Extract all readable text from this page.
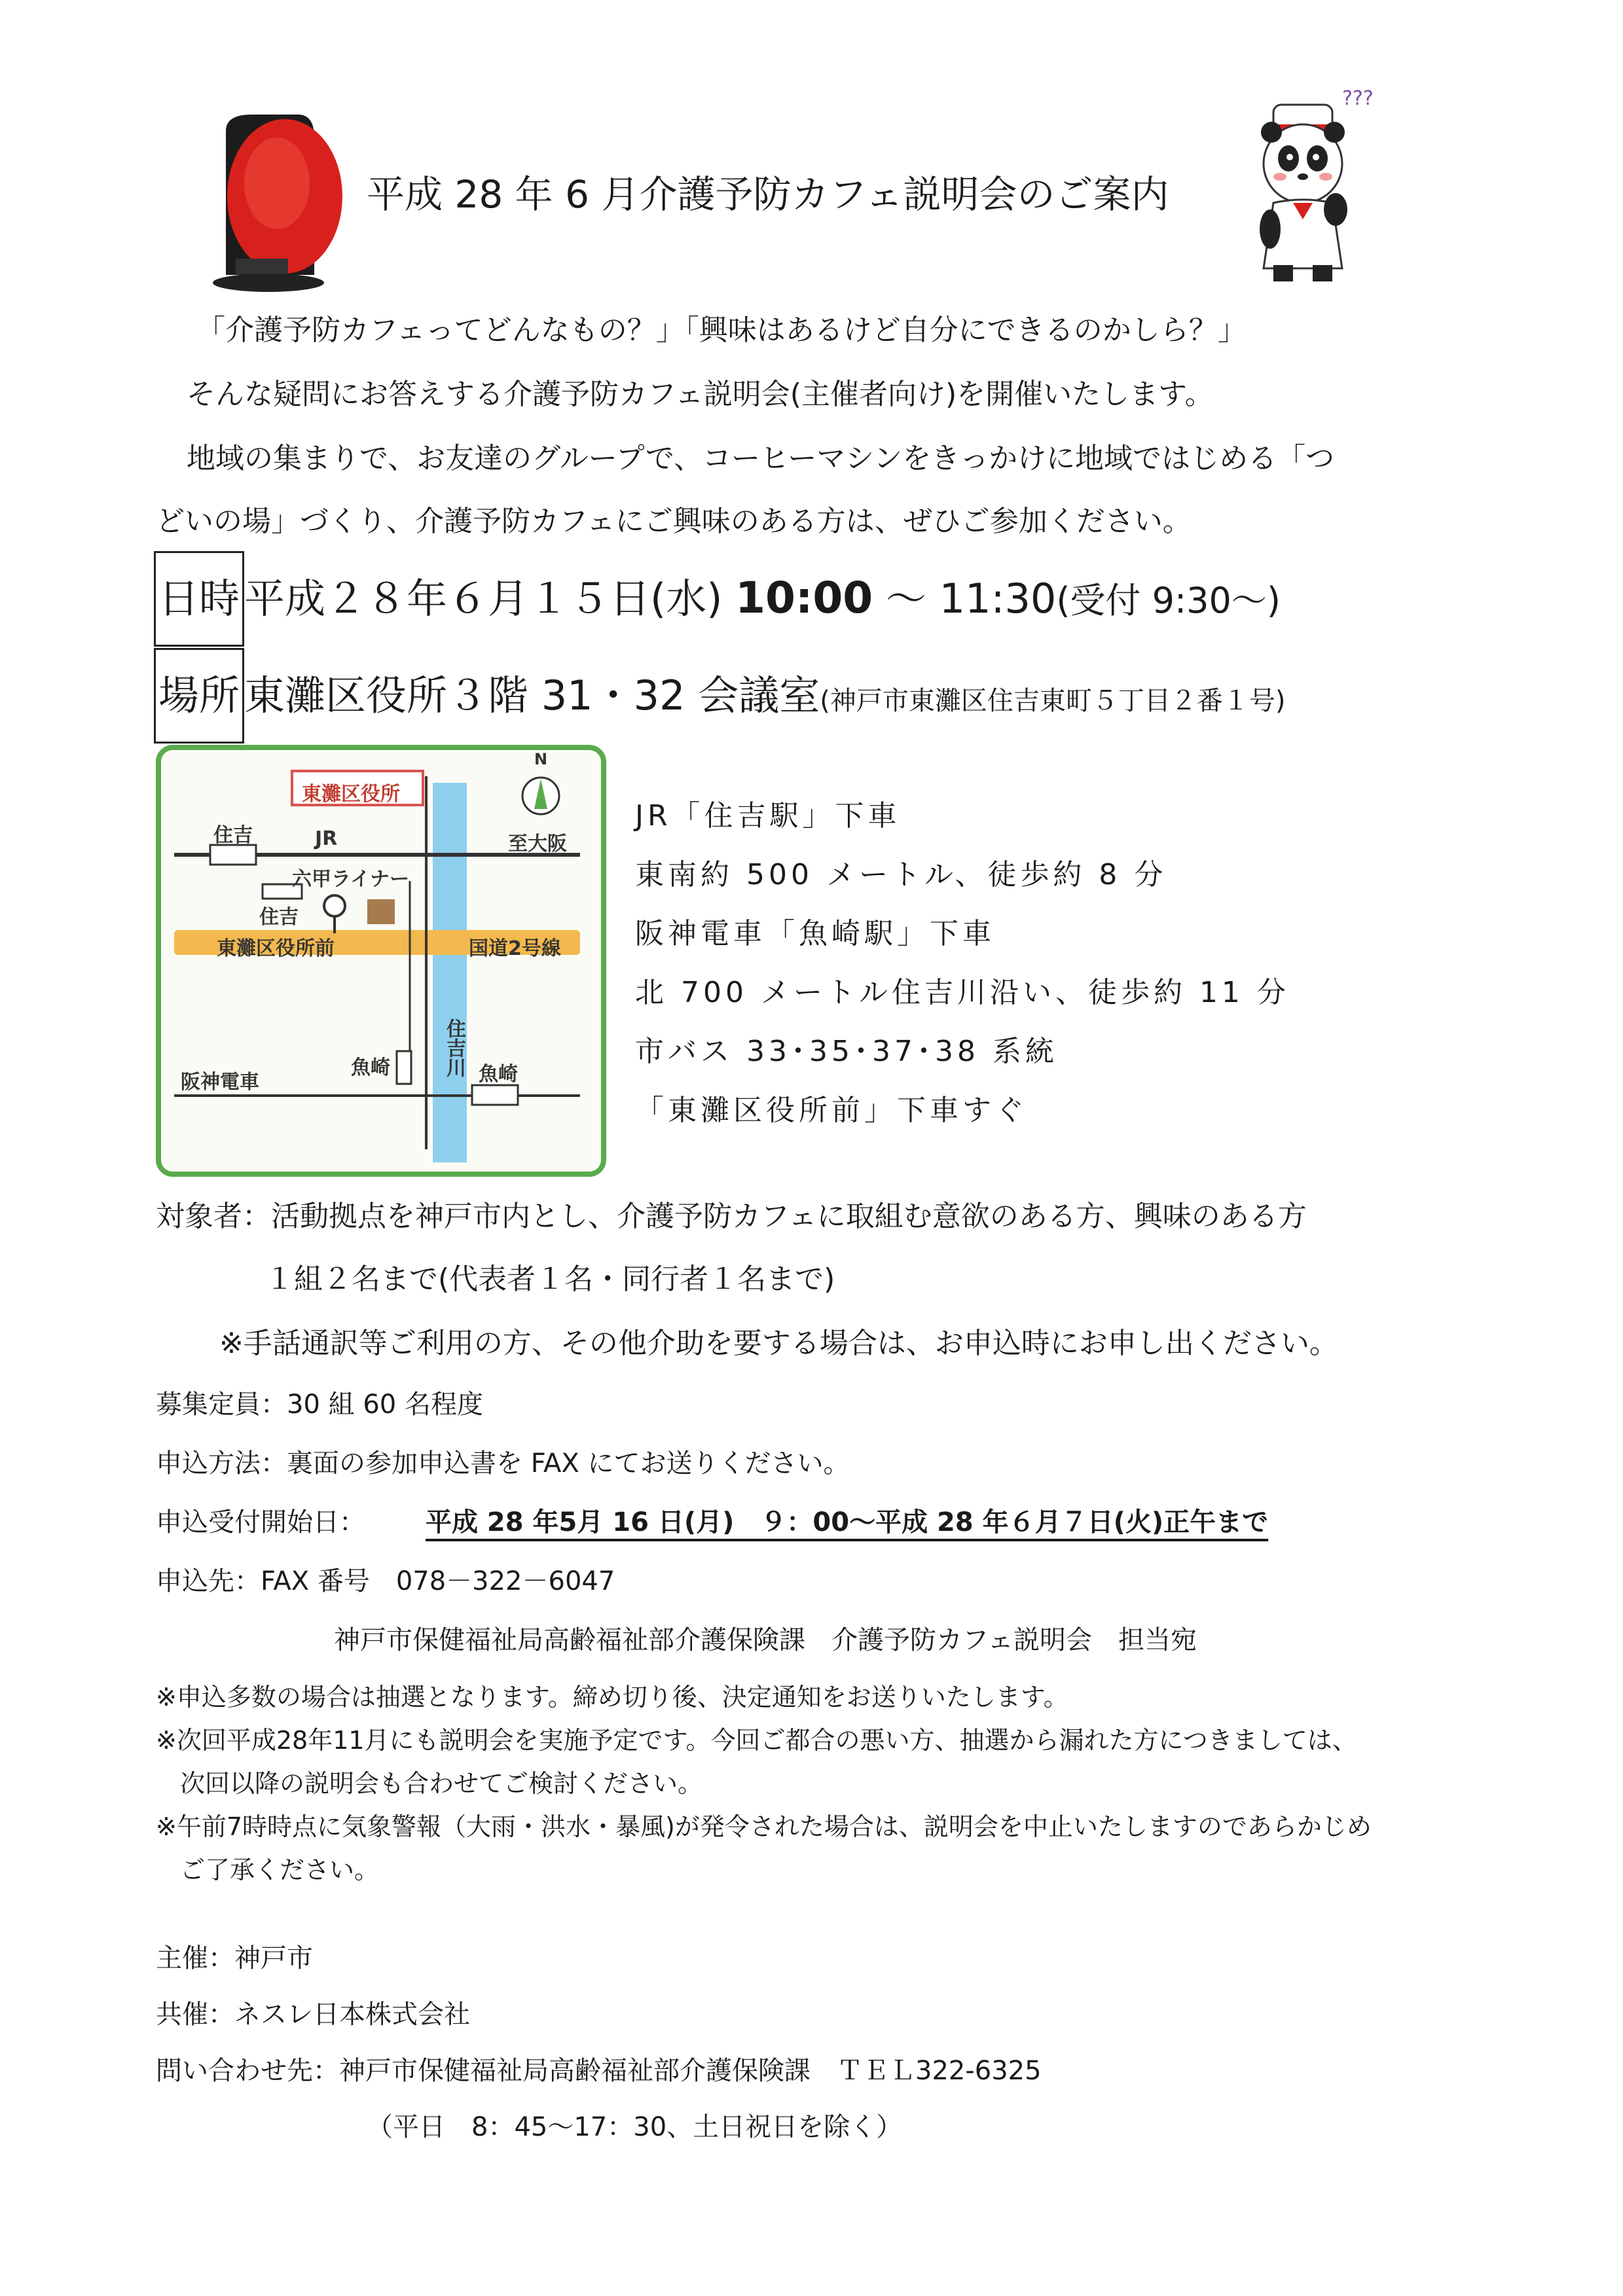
???
平成 28 年 6 月介護予防カフェ説明会のご案内
「介護予防カフェってどんなもの？」「興味はあるけど自分にできるのかしら？」
そんな疑問にお答えする介護予防カフェ説明会(主催者向け)を開催いたします。
地域の集まりで、お友達のグループで、コーヒーマシンをきっかけに地域ではじめる「つ
どいの場」づくり、介護予防カフェにご興味のある方は、ぜひご参加ください。
日時 平成２８年６月１５日(水) 10:00 ～ 11:30(受付 9:30～)
場所 東灘区役所３階 31・32 会議室(神戸市東灘区住吉東町５丁目２番１号)
東灘区役所
N
住吉	JR	至大阪
六甲ライナー
住吉
東灘区役所前	国道2号線
住吉川
魚崎	魚崎
阪神電車
JR「住吉駅」下車
東南約 500 メートル、徒歩約 8 分
阪神電車「魚崎駅」下車
北 700 メートル住吉川沿い、徒歩約 11 分
市バス 33･35･37･38 系統
「東灘区役所前」下車すぐ
対象者：活動拠点を神戸市内とし、介護予防カフェに取組む意欲のある方、興味のある方
１組２名まで(代表者１名・同行者１名まで)
※手話通訳等ご利用の方、その他介助を要する場合は、お申込時にお申し出ください。
募集定員：30 組 60 名程度
申込方法：裏面の参加申込書を FAX にてお送りください。
申込受付開始日： 平成 28 年5月 16 日(月)　９：00～平成 28 年６月７日(火)正午まで
申込先：FAX 番号　078－322－6047
神戸市保健福祉局高齢福祉部介護保険課　介護予防カフェ説明会　担当宛
※申込多数の場合は抽選となります。締め切り後、決定通知をお送りいたします。
※次回平成28年11月にも説明会を実施予定です。今回ご都合の悪い方、抽選から漏れた方につきましては、
次回以降の説明会も合わせてご検討ください。
※午前7時時点に気象警報（大雨・洪水・暴風)が発令された場合は、説明会を中止いたしますのであらかじめ
ご了承ください。
主催：神戸市
共催：ネスレ日本株式会社
問い合わせ先：神戸市保健福祉局高齢福祉部介護保険課　ＴＥＬ322-6325
（平日　8：45～17：30、土日祝日を除く）
